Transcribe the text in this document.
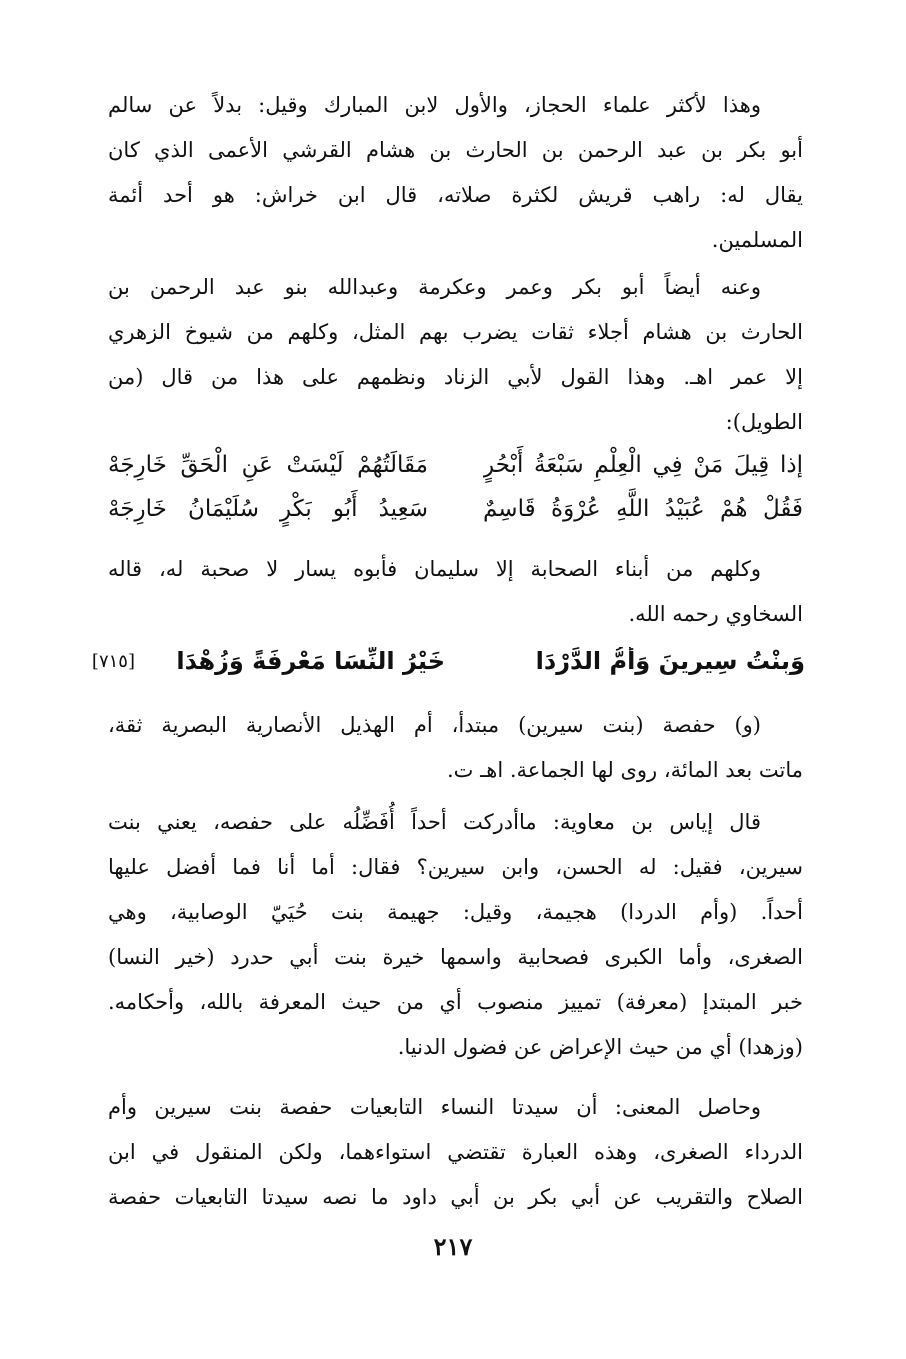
وهذا لأكثر علماء الحجاز، والأول لابن المبارك وقيل: بدلاً عن سالم
أبو بكر بن عبد الرحمن بن الحارث بن هشام القرشي الأعمى الذي كان
يقال له: راهب قريش لكثرة صلاته، قال ابن خراش: هو أحد أئمة
المسلمين.
وعنه أيضاً أبو بكر وعمر وعكرمة وعبدالله بنو عبد الرحمن بن
الحارث بن هشام أجلاء ثقات يضرب بهم المثل، وكلهم من شيوخ الزهري
إلا عمر اهـ. وهذا القول لأبي الزناد ونظمهم على هذا من قال (من
الطويل):
إذا قِيلَ مَنْ فِي الْعِلْمِ سَبْعَةُ أَبْحُرٍ
مَقَالَتُهُمْ لَيْسَتْ عَنِ الْحَقِّ خَارِجَهْ
فَقُلْ هُمْ عُبَيْدُ اللَّهِ عُرْوَةُ قَاسِمٌ
سَعِيدُ أَبُو بَكْرٍ سُلَيْمَانُ خَارِجَهْ
وكلهم من أبناء الصحابة إلا سليمان فأبوه يسار لا صحبة له، قاله
السخاوي رحمه الله.
وَبِنْتُ سِيرِينَ وَأُمُّ الدَّرْدَا
خَيْرُ النِّسَا مَعْرِفَةً وَزُهْدَا
[٧١٥]
(و) حفصة (بنت سيرين) مبتدأ، أم الهذيل الأنصارية البصرية ثقة،
ماتت بعد المائة، روى لها الجماعة. اهـ ت.
قال إياس بن معاوية: ماأدركت أحداً أُفَضِّلُه على حفصه، يعني بنت
سيرين، فقيل: له الحسن، وابن سيرين؟ فقال: أما أنا فما أفضل عليها
أحداً. (وأم الدردا) هجيمة، وقيل: جهيمة بنت حُيَيّ الوصابية، وهي
الصغرى، وأما الكبرى فصحابية واسمها خيرة بنت أبي حدرد (خير النسا)
خبر المبتدإ (معرفة) تمييز منصوب أي من حيث المعرفة بالله، وأحكامه.
(وزهدا) أي من حيث الإعراض عن فضول الدنيا.
وحاصل المعنى: أن سيدتا النساء التابعيات حفصة بنت سيرين وأم
الدرداء الصغرى، وهذه العبارة تقتضي استواءهما، ولكن المنقول في ابن
الصلاح والتقريب عن أبي بكر بن أبي داود ما نصه سيدتا التابعيات حفصة
٢١٧
